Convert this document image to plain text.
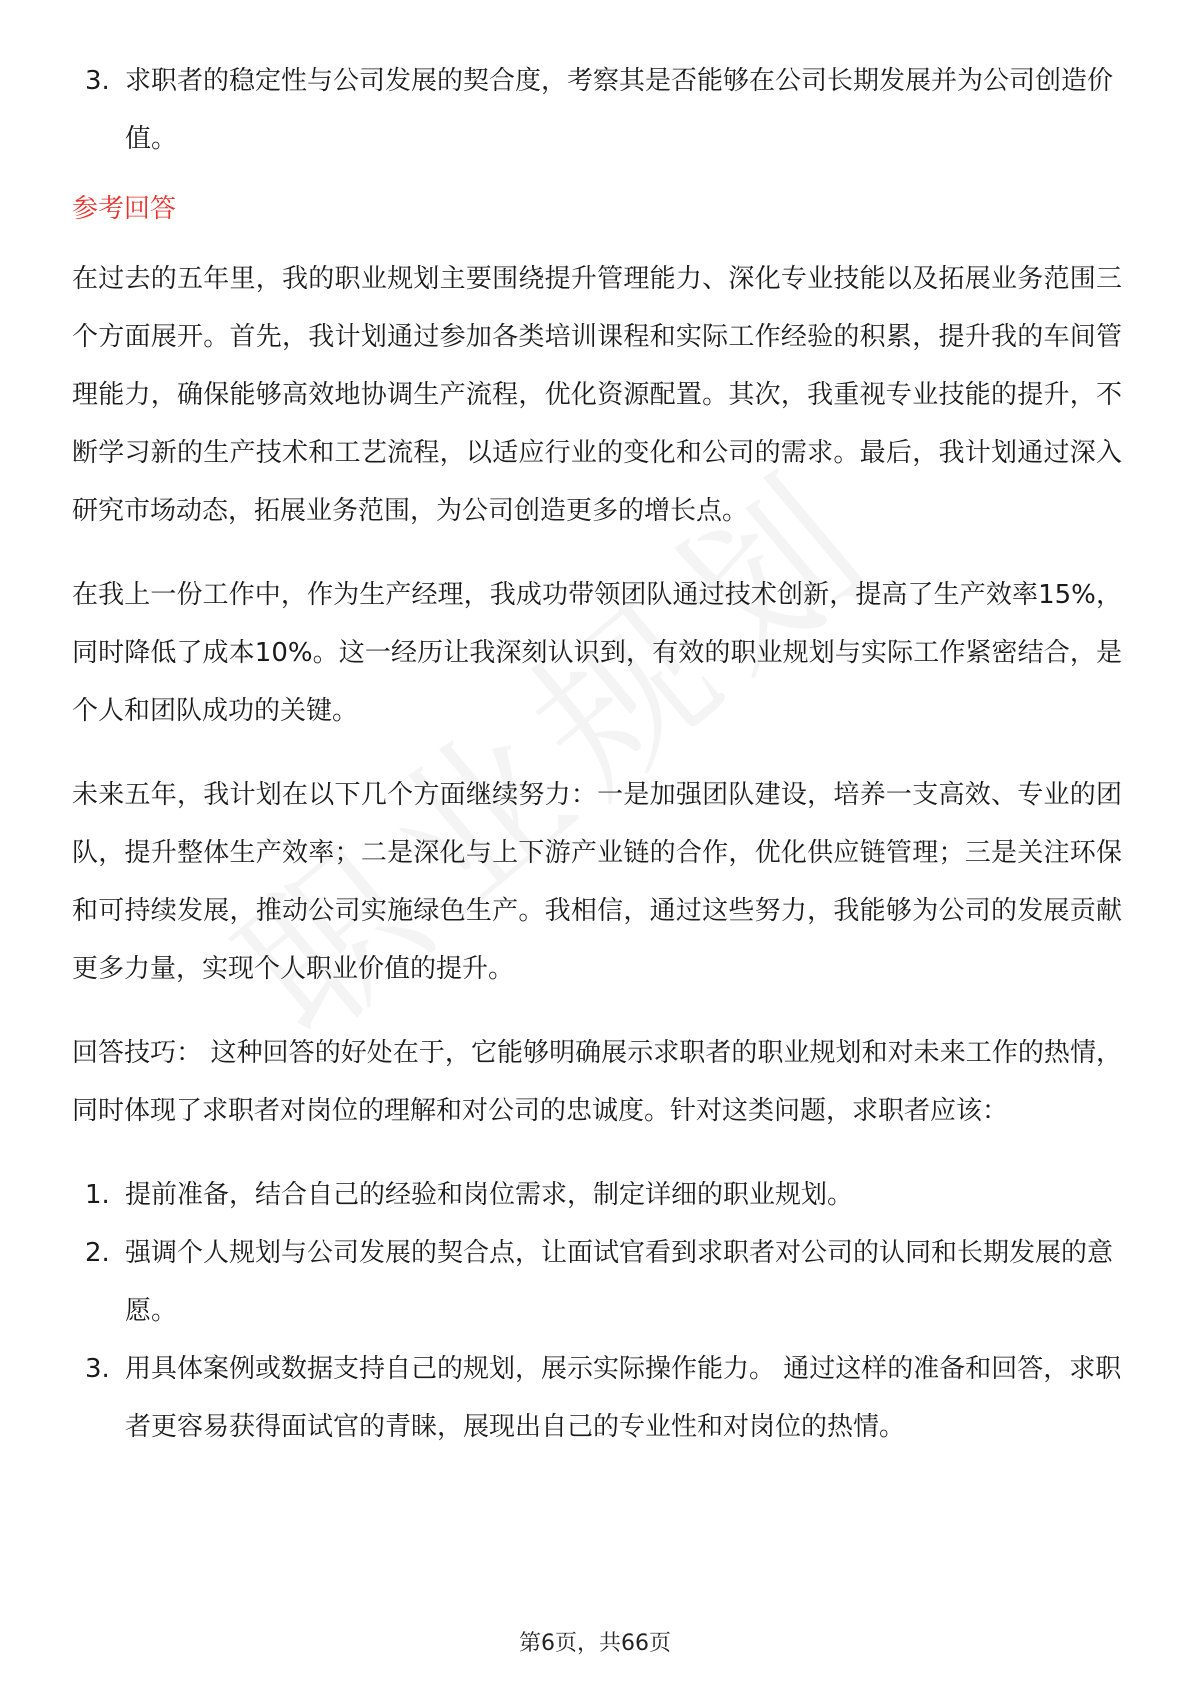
3. 求职者的稳定性与公司发展的契合度，考察其是否能够在公司长期发展并为公司创造价值。
参考回答

在过去的五年里，我的职业规划主要围绕提升管理能力、深化专业技能以及拓展业务范围三个方面展开。首先，我计划通过参加各类培训课程和实际工作经验的积累，提升我的车间管理能力，确保能够高效地协调生产流程，优化资源配置。其次，我重视专业技能的提升，不断学习新的生产技术和工艺流程，以适应行业的变化和公司的需求。最后，我计划通过深入研究市场动态，拓展业务范围，为公司创造更多的增长点。

在我上一份工作中，作为生产经理，我成功带领团队通过技术创新，提高了生产效率15%，同时降低了成本10%。这一经历让我深刻认识到，有效的职业规划与实际工作紧密结合，是个人和团队成功的关键。

未来五年，我计划在以下几个方面继续努力：一是加强团队建设，培养一支高效、专业的团队，提升整体生产效率；二是深化与上下游产业链的合作，优化供应链管理；三是关注环保和可持续发展，推动公司实施绿色生产。我相信，通过这些努力，我能够为公司的发展贡献更多力量，实现个人职业价值的提升。

回答技巧： 这种回答的好处在于，它能够明确展示求职者的职业规划和对未来工作的热情，同时体现了求职者对岗位的理解和对公司的忠诚度。针对这类问题，求职者应该：

1. 提前准备，结合自己的经验和岗位需求，制定详细的职业规划。
2. 强调个人规划与公司发展的契合点，让面试官看到求职者对公司的认同和长期发展的意愿。
3. 用具体案例或数据支持自己的规划，展示实际操作能力。 通过这样的准备和回答，求职者更容易获得面试官的青睐，展现出自己的专业性和对岗位的热情。
第6页，共66页
